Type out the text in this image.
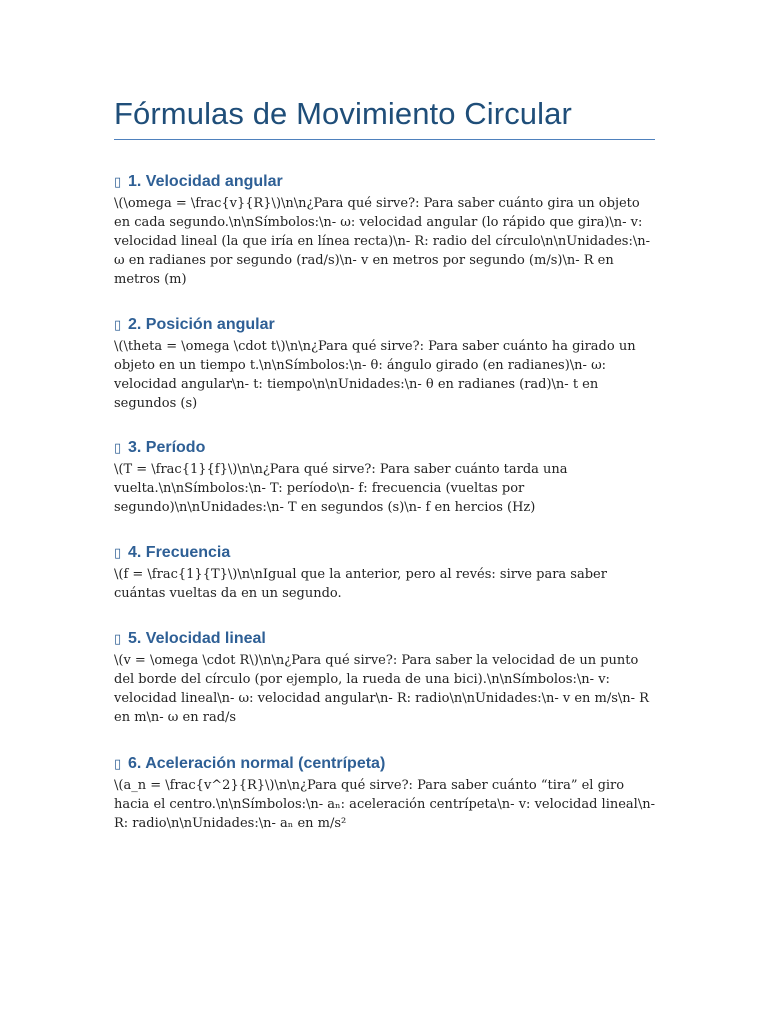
Fórmulas de Movimiento Circular
▯ 1. Velocidad angular

\(\omega = \frac{v}{R}\)\n\n¿Para qué sirve?: Para saber cuánto gira un objeto en cada segundo.\n\nSímbolos:\n- ω: velocidad angular (lo rápido que gira)\n- v: velocidad lineal (la que iría en línea recta)\n- R: radio del círculo\n\nUnidades:\n- ω en radianes por segundo (rad/s)\n- v en metros por segundo (m/s)\n- R en metros (m)

▯ 2. Posición angular

\(\theta = \omega \cdot t\)\n\n¿Para qué sirve?: Para saber cuánto ha girado un objeto en un tiempo t.\n\nSímbolos:\n- θ: ángulo girado (en radianes)\n- ω: velocidad angular\n- t: tiempo\n\nUnidades:\n- θ en radianes (rad)\n- t en segundos (s)

▯ 3. Período

\(T = \frac{1}{f}\)\n\n¿Para qué sirve?: Para saber cuánto tarda una vuelta.\n\nSímbolos:\n- T: período\n- f: frecuencia (vueltas por segundo)\n\nUnidades:\n- T en segundos (s)\n- f en hercios (Hz)

▯ 4. Frecuencia

\(f = \frac{1}{T}\)\n\nIgual que la anterior, pero al revés: sirve para saber cuántas vueltas da en un segundo.

▯ 5. Velocidad lineal

\(v = \omega \cdot R\)\n\n¿Para qué sirve?: Para saber la velocidad de un punto del borde del círculo (por ejemplo, la rueda de una bici).\n\nSímbolos:\n- v: velocidad lineal\n- ω: velocidad angular\n- R: radio\n\nUnidades:\n- v en m/s\n- R en m\n- ω en rad/s

▯ 6. Aceleración normal (centrípeta)

\(a_n = \frac{v^2}{R}\)\n\n¿Para qué sirve?: Para saber cuánto “tira” el giro hacia el centro.\n\nSímbolos:\n- aₙ: aceleración centrípeta\n- v: velocidad lineal\n- R: radio\n\nUnidades:\n- aₙ en m/s²
